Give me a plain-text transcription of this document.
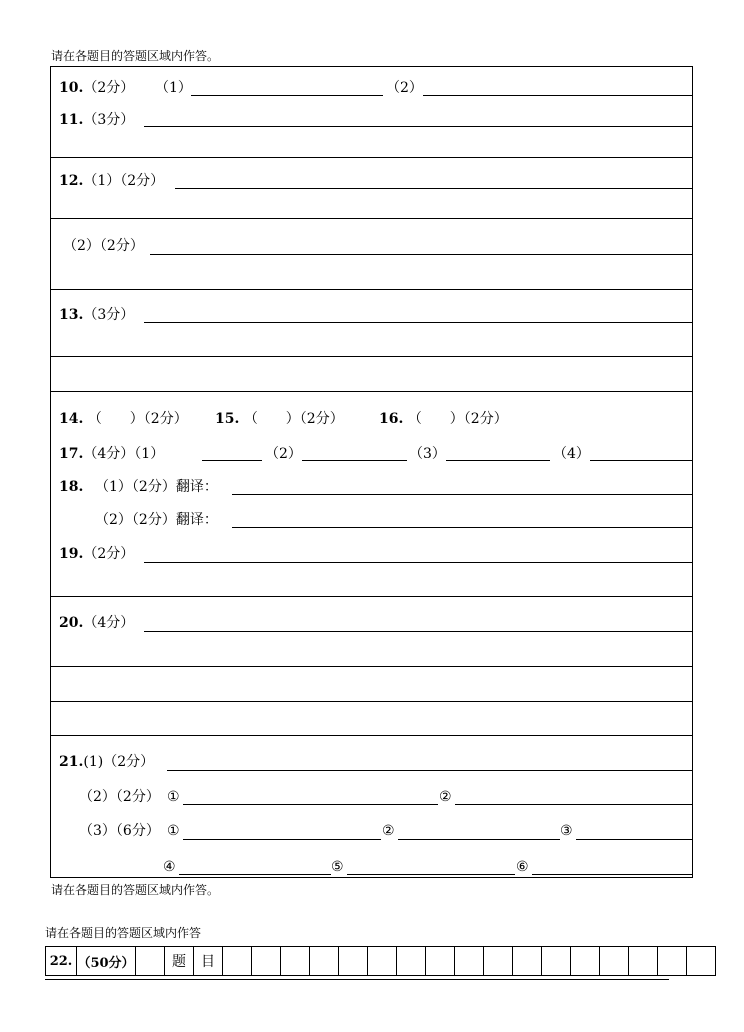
请在各题目的答题区域内作答。
10.（2分） （1）	（2）
11.（3分）
12.（1）（2分）
（2）（2分）
13.（3分）
14. （　　）（2分） 15. （　　）（2分）	16. （　　）（2分）
17.（4分）（1）	（2）	（3）	（4）
18. （1）（2分）翻译：
（2）（2分）翻译：
19.（2分）
20.（4分）
21.(1)（2分）
（2）（2分） ①	②
（3）（6分） ①	②	③
④	⑤	⑥
请在各题目的答题区域内作答。
请在各题目的答题区域内作答
22.	（50分）		题	目																	
